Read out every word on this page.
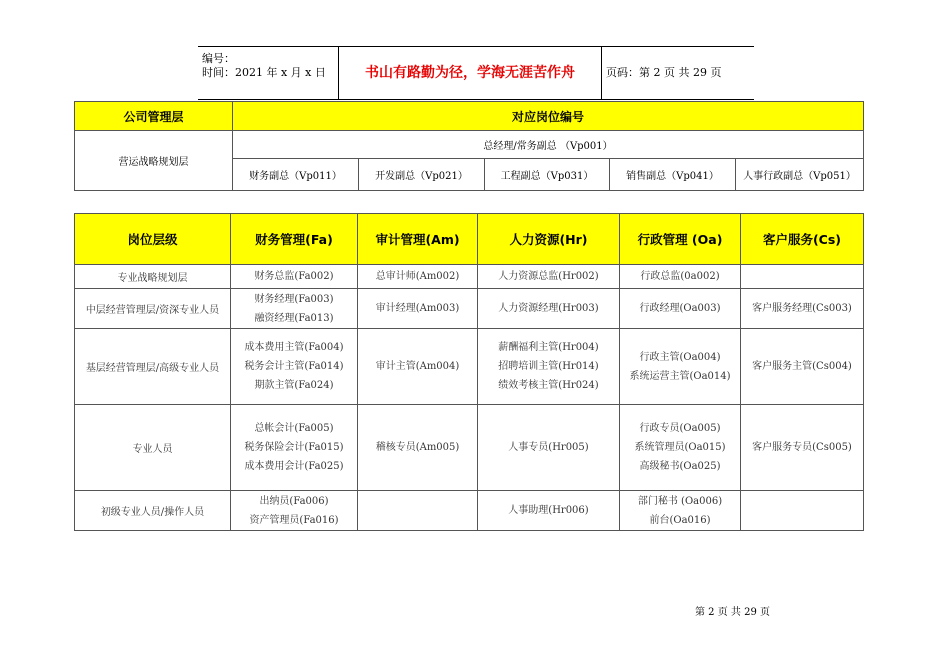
编号：
时间：2021 年 x 月 x 日	书山有路勤为径，学海无涯苦作舟	页码：第 2 页 共 29 页
公司管理层	对应岗位编号				
营运战略规划层	总经理/常务副总 （Vp001）				
	财务副总（Vp011）	开发副总（Vp021）	工程副总（Vp031）	销售副总（Vp041）	人事行政副总（Vp051）
岗位层级	财务管理(Fa)	审计管理(Am)	人力资源(Hr)	行政管理 (Oa)	客户服务(Cs)
专业战略规划层	财务总监(Fa002)	总审计师(Am002)	人力资源总监(Hr002)	行政总监(0a002)	

中层经营管理层/资深专业人员	财务经理(Fa003)
融资经理(Fa013)	审计经理(Am003)	人力资源经理(Hr003)	行政经理(Oa003)	客户服务经理(Cs003)

基层经营管理层/高级专业人员	成本费用主管(Fa004)
税务会计主管(Fa014)
期款主管(Fa024)	审计主管(Am004)	薪酬福利主管(Hr004)
招聘培训主管(Hr014)
绩效考核主管(Hr024)	行政主管(Oa004)
系统运营主管(Oa014)	客户服务主管(Cs004)

专业人员	总帐会计(Fa005)
税务保险会计(Fa015)
成本费用会计(Fa025)	稽核专员(Am005)	人事专员(Hr005)	行政专员(Oa005)
系统管理员(Oa015)
高级秘书(Oa025)	客户服务专员(Cs005)

初级专业人员/操作人员	出纳员(Fa006)
资产管理员(Fa016)		人事助理(Hr006)	部门秘书 (Oa006)
前台(Oa016)	

第 2 页 共 29 页
